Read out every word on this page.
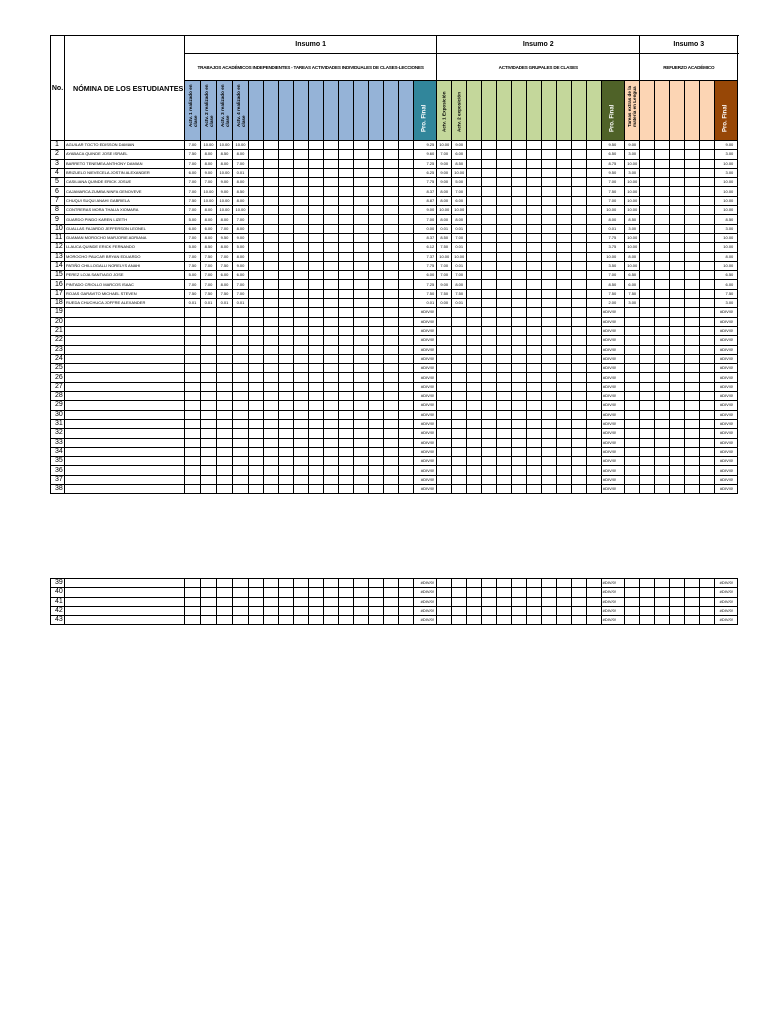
No.	NÓMINA DE LOS ESTUDIANTES	Insumo 1																Insumo 2													Insumo 3					
		TRABAJOS ACADÉMICOS INDEPENDIENTES - TAREAS ACTIVIDADES INDIVIDUALES DE CLASES-LECCIONES																ACTIVIDADES GRUPALES DE CLASES													REFUERZO ACADÉMICO					

		Actv. 1 realizado en clase	Actv. 2 realizado en clase	Actv. 3 realizado en clase	Actv. 4 realizado en clase												Pro. Final	Actv. 1 Exposición	Actv. 2 exposición										Pro. Final	Tareas extras de la materia en Lengua						Pro. Final

1	AGUILAR TOCTO EDISSON DAMIAN	7.00	10.00	10.00	10.00												9.25	10.00	9.00										9.50	9.00						9.00
2	AYABACA QUINDE JOSE ISRAEL	7.50	8.00	8.50	8.00												9.60	7.00	6.00										6.50	3.00						3.00
3	BARRETO TENEMEA ANTHONY DAMIAN	7.00	8.00	8.00	7.00												7.25	9.00	8.50										8.75	10.00						10.00
4	BRIZUELO NIEVECELA JOSTIN ALEXANDER	6.00	9.00	10.00	0.01												6.25	9.00	10.00										9.50	3.00						3.00
5	CASILIANA QUINDE ERICK JOSUE	7.00	7.00	9.00	8.00												7.75	9.00	5.00										7.00	10.00						10.00
6	CAJAMARCA ZUMBA NINFA GENOVEVE	7.00	10.00	9.00	8.50												8.37	8.00	7.00										7.50	10.00						10.00
7	CHUQUI SUQUI ANAHI GABRIELA	7.50	10.00	10.00	8.00												8.87	8.00	6.00										7.00	10.00						10.00
8	CONTRERAS MORA THALIA XIOMARA	7.00	8.00	10.00	10.00												9.00	10.00	10.00										10.00	10.00						10.00
9	GUARDO PINDO KAREN LIZETH	5.00	8.00	8.00	7.00												7.00	8.00	8.00										8.00	8.50						8.50
10	GUALLAS FAJARDO JEFFERSON LEONEL	6.00	6.00	7.00	8.00												0.00	0.01	0.01										0.01	3.00						3.00
11	GUAMAN MOROCHO MARJORIE ADRIANA	7.00	8.00	9.50	9.00												8.37	8.50	7.00										7.75	10.00						10.00
12	LLAUCA QUINDE ERICK FERNANDO	5.00	8.50	8.00	5.00												6.12	7.50	0.01										3.75	10.00						10.00
13	MOROCHO PAUCAR BRYAN EDUARDO	7.00	7.50	7.00	8.00												7.37	10.00	10.00										10.00	8.00						8.00
14	PATIÑO CHILLOGALLI NORELYS ANAHI	7.50	7.00	7.50	9.00												7.75	7.00	0.01										3.50	10.00						10.00
15	PEREZ LOJA SANTIAGO JOSE	5.00	7.00	6.00	6.00												6.00	7.00	7.00										7.00	6.50						6.50
16	PINTADO CRIOLLO MARCOS ISAAC	7.00	7.00	8.00	7.00												7.25	9.00	8.00										8.50	6.00						6.00
17	ROJAS GARAVITO MICHAEL STEVEN	7.50	7.50	7.50	7.00												7.50	7.50	7.50										7.50	7.50						7.50
18	RUEDA CHUCHUCA JOFFRE ALEXANDER	0.01	0.01	0.01	0.01												0.01	0.00	0.01										2.00	3.00						3.00
19																	#DIV/0!												#DIV/0!							#DIV/0!
20																	#DIV/0!												#DIV/0!							#DIV/0!
21																	#DIV/0!												#DIV/0!							#DIV/0!
22																	#DIV/0!												#DIV/0!							#DIV/0!
23																	#DIV/0!												#DIV/0!							#DIV/0!
24																	#DIV/0!												#DIV/0!							#DIV/0!
25																	#DIV/0!												#DIV/0!							#DIV/0!
26																	#DIV/0!												#DIV/0!							#DIV/0!
27																	#DIV/0!												#DIV/0!							#DIV/0!
28																	#DIV/0!												#DIV/0!							#DIV/0!
29																	#DIV/0!												#DIV/0!							#DIV/0!
30																	#DIV/0!												#DIV/0!							#DIV/0!
31																	#DIV/0!												#DIV/0!							#DIV/0!
32																	#DIV/0!												#DIV/0!							#DIV/0!
33																	#DIV/0!												#DIV/0!							#DIV/0!
34																	#DIV/0!												#DIV/0!							#DIV/0!
35																	#DIV/0!												#DIV/0!							#DIV/0!
36																	#DIV/0!												#DIV/0!							#DIV/0!
37																	#DIV/0!												#DIV/0!							#DIV/0!
38																	#DIV/0!												#DIV/0!							#DIV/0!
39																	#DIV/0!												#DIV/0!							#DIV/0!
40																	#DIV/0!												#DIV/0!							#DIV/0!
41																	#DIV/0!												#DIV/0!							#DIV/0!
42																	#DIV/0!												#DIV/0!							#DIV/0!
43																	#DIV/0!												#DIV/0!							#DIV/0!
